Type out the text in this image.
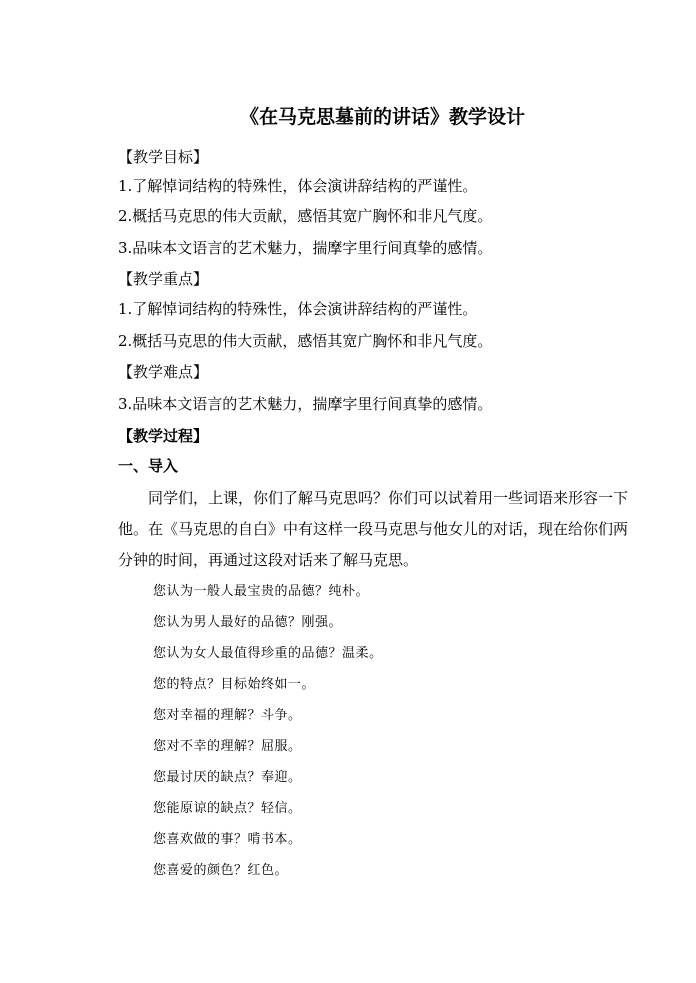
《在马克思墓前的讲话》教学设计
【教学目标】
1.了解悼词结构的特殊性，体会演讲辞结构的严谨性。
2.概括马克思的伟大贡献，感悟其宽广胸怀和非凡气度。
3.品味本文语言的艺术魅力，揣摩字里行间真挚的感情。
【教学重点】
1.了解悼词结构的特殊性，体会演讲辞结构的严谨性。
2.概括马克思的伟大贡献，感悟其宽广胸怀和非凡气度。
【教学难点】
3.品味本文语言的艺术魅力，揣摩字里行间真挚的感情。
【教学过程】
一、导入
同学们，上课，你们了解马克思吗？你们可以试着用一些词语来形容一下他。在《马克思的自白》中有这样一段马克思与他女儿的对话，现在给你们两分钟的时间，再通过这段对话来了解马克思。
您认为一般人最宝贵的品德？纯朴。
您认为男人最好的品德？刚强。
您认为女人最值得珍重的品德？温柔。
您的特点？目标始终如一。
您对幸福的理解？斗争。
您对不幸的理解？屈服。
您最讨厌的缺点？奉迎。
您能原谅的缺点？轻信。
您喜欢做的事？啃书本。
您喜爱的颜色？红色。
